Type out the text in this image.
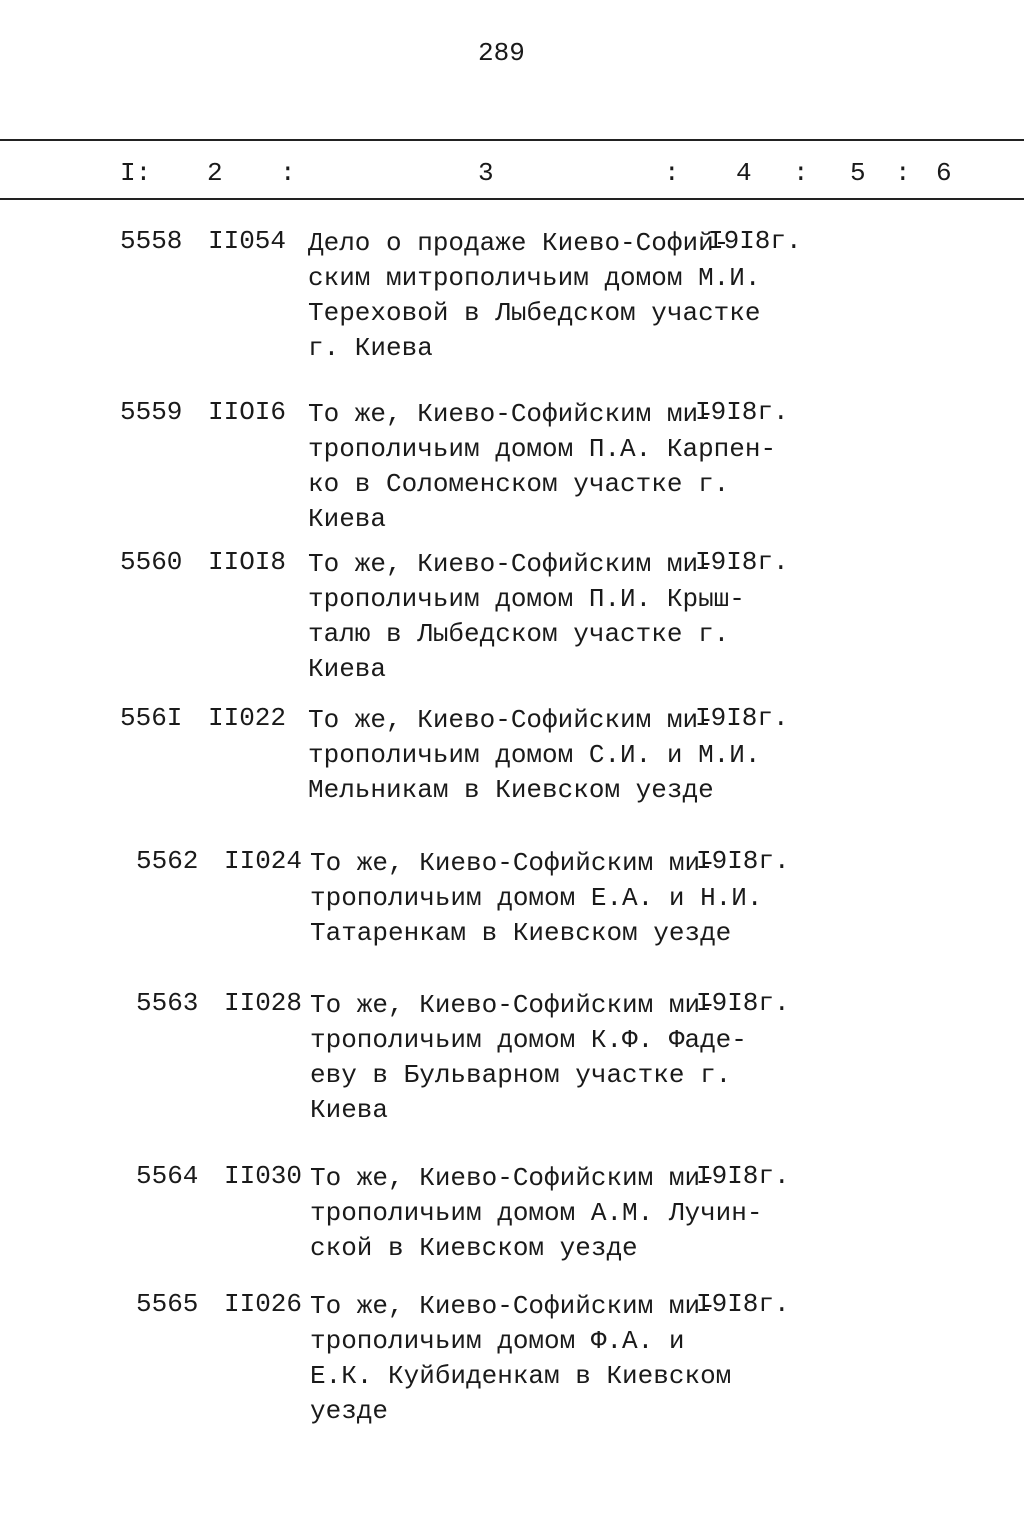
289
I: 2 :	3	: 4 : 5 : 6
5558 II054 Дело о продаже Киево-Софий-
ским митрополичьим домом М.И.
Тереховой в Лыбедском участке
г. Киева
I9I8г.
5559 IIOI6 То же, Киево-Софийским ми-
трополичьим домом П.А. Карпен-
ко в Соломенском участке г.
Киева
I9I8г.
5560 IIOI8 То же, Киево-Софийским ми-
трополичьим домом П.И. Крыш-
талю в Лыбедском участке г.
Киева
I9I8г.
556I II022 То же, Киево-Софийским ми-
трополичьим домом С.И. и М.И.
Мельникам в Киевском уезде
I9I8г.
5562 II024 То же, Киево-Софийским ми-
трополичьим домом Е.А. и Н.И.
Татаренкам в Киевском уезде
I9I8г.
5563 II028 То же, Киево-Софийским ми-
трополичьим домом К.Ф. Фаде-
еву в Бульварном участке г.
Киева
I9I8г.
5564 II030 То же, Киево-Софийским ми-
трополичьим домом А.М. Лучин-
ской в Киевском уезде
I9I8г.
5565 II026 То же, Киево-Софийским ми-
трополичьим домом Ф.А. и
Е.К. Куйбиденкам в Киевском
уезде
I9I8г.
